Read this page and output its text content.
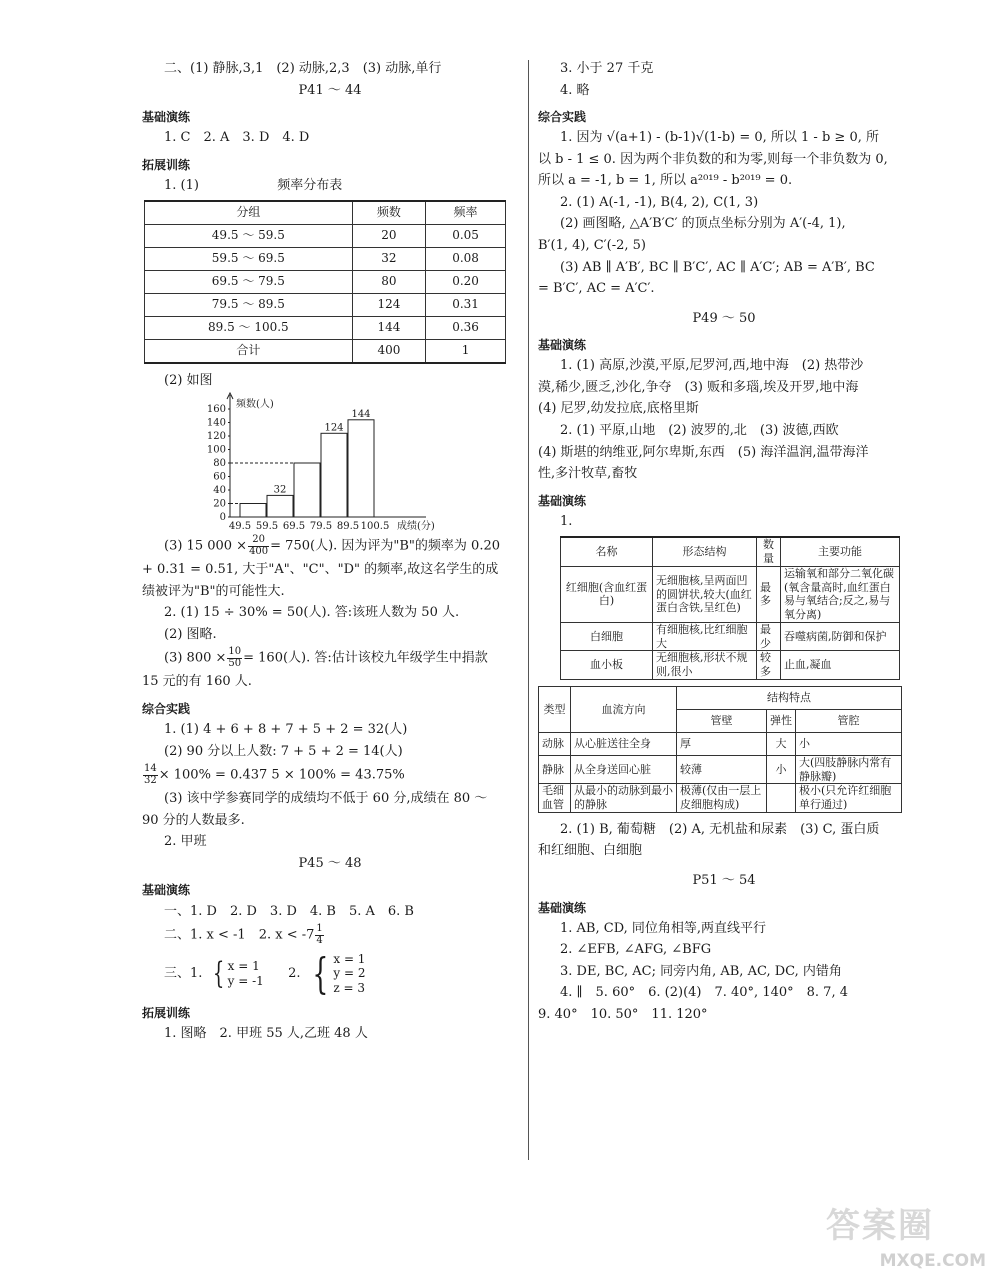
二、(1) 静脉,3,1　(2) 动脉,2,3　(3) 动脉,单行

P41 ～ 44

基础演练

1. C　2. A　3. D　4. D

拓展训练

1. (1)	频率分布表

分组	频数	频率
49.5 ～ 59.5	20	0.05
59.5 ～ 69.5	32	0.08
69.5 ～ 79.5	80	0.20
79.5 ～ 89.5	124	0.31
89.5 ～ 100.5	144	0.36
合计	400	1

(2) 如图

0
20
40
60
80
100
120
140
160
32
124
144
49.5 59.5 69.5 79.5 89.5 100.5
频数(人)
成绩(分)

(3) 15 $000 \times \frac{20}{400} = 750$(人). 因为评为"B"的频率为 0.20

+ 0.31 = 0.51, 大于"A"、"C"、"D" 的频率,故这名学生的成

绩被评为"B"的可能性大.

2. (1) 15 ÷ 30% = 50(人). 答:该班人数为 50 人.

(2) 图略.

(3) $800 \times \frac{10}{50} = 160$(人). 答:估计该校九年级学生中捐款

15 元的有 160 人.

综合实践

1. (1) 4 + 6 + 8 + 7 + 5 + 2 = 32(人)

(2) 90 分以上人数: 7 + 5 + 2 = 14(人)

$\frac{14}{32} \times 100\% = 0.437$ 5 × 100% = 43.75%

(3) 该中学参赛同学的成绩均不低于 60 分,成绩在 80 ～

90 分的人数最多.

2. 甲班

P45 ～ 48

基础演练

一、1. D　2. D　3. D　4. B　5. A　6. B

二、1. x < -1　2. $x < -7 \frac{1}{4}$

三、1. { x = 1
y = -1 2. { x = 1
y = 2
z = 3

拓展训练

1. 图略　2. 甲班 55 人,乙班 48 人

3. 小于 27 千克

4. 略

综合实践

1. 因为 √(a+1) - (b-1)√(1-b) = 0, 所以 1 - b ≥ 0, 所

以 b - 1 ≤ 0. 因为两个非负数的和为零,则每一个非负数为 0,

所以 a = -1, b = 1, 所以 a²⁰¹⁹ - b²⁰¹⁹ = 0.

2. (1) A(-1, -1), B(4, 2), C(1, 3)

(2) 画图略, △A′B′C′ 的顶点坐标分别为 A′(-4, 1),

B′(1, 4), C′(-2, 5)

(3) AB ∥ A′B′, BC ∥ B′C′, AC ∥ A′C′; AB = A′B′, BC

= B′C′, AC = A′C′.

P49 ～ 50

基础演练

1. (1) 高原,沙漠,平原,尼罗河,西,地中海　(2) 热带沙

漠,稀少,匮乏,沙化,争夺　(3) 贩和多瑙,埃及开罗,地中海

(4) 尼罗,幼发拉底,底格里斯

2. (1) 平原,山地　(2) 波罗的,北　(3) 波德,西欧

(4) 斯堪的纳维亚,阿尔卑斯,东西　(5) 海洋温润,温带海洋

性,多汁牧草,畜牧

基础演练

1.

名称	形态结构	数量	主要功能
红细胞(含血红蛋白)	无细胞核,呈两面凹的圆饼状,较大(血红蛋白含铁,呈红色)	最多	运输氧和部分二氧化碳(氧含量高时,血红蛋白易与氧结合;反之,易与氧分离)
白细胞	有细胞核,比红细胞大	最少	吞噬病菌,防御和保护
血小板	无细胞核,形状不规则,很小	较多	止血,凝血
类型	血流方向	结构特点		
		管壁	弹性	管腔
动脉	从心脏送往全身	厚	大	小
静脉	从全身送回心脏	较薄	小	大(四肢静脉内常有静脉瓣)
毛细血管	从最小的动脉到最小的静脉	极薄(仅由一层上皮细胞构成)		极小(只允许红细胞单行通过)

2. (1) B, 葡萄糖　(2) A, 无机盐和尿素　(3) C, 蛋白质

和红细胞、白细胞

P51 ～ 54

基础演练

1. AB, CD, 同位角相等,两直线平行

2. ∠EFB, ∠AFG, ∠BFG

3. DE, BC, AC; 同旁内角, AB, AC, DC, 内错角

4. ∥　5. 60°　6. (2)(4)　7. 40°, 140°　8. 7, 4

9. 40°　10. 50°　11. 120°

答案圈
MXQE.COM
